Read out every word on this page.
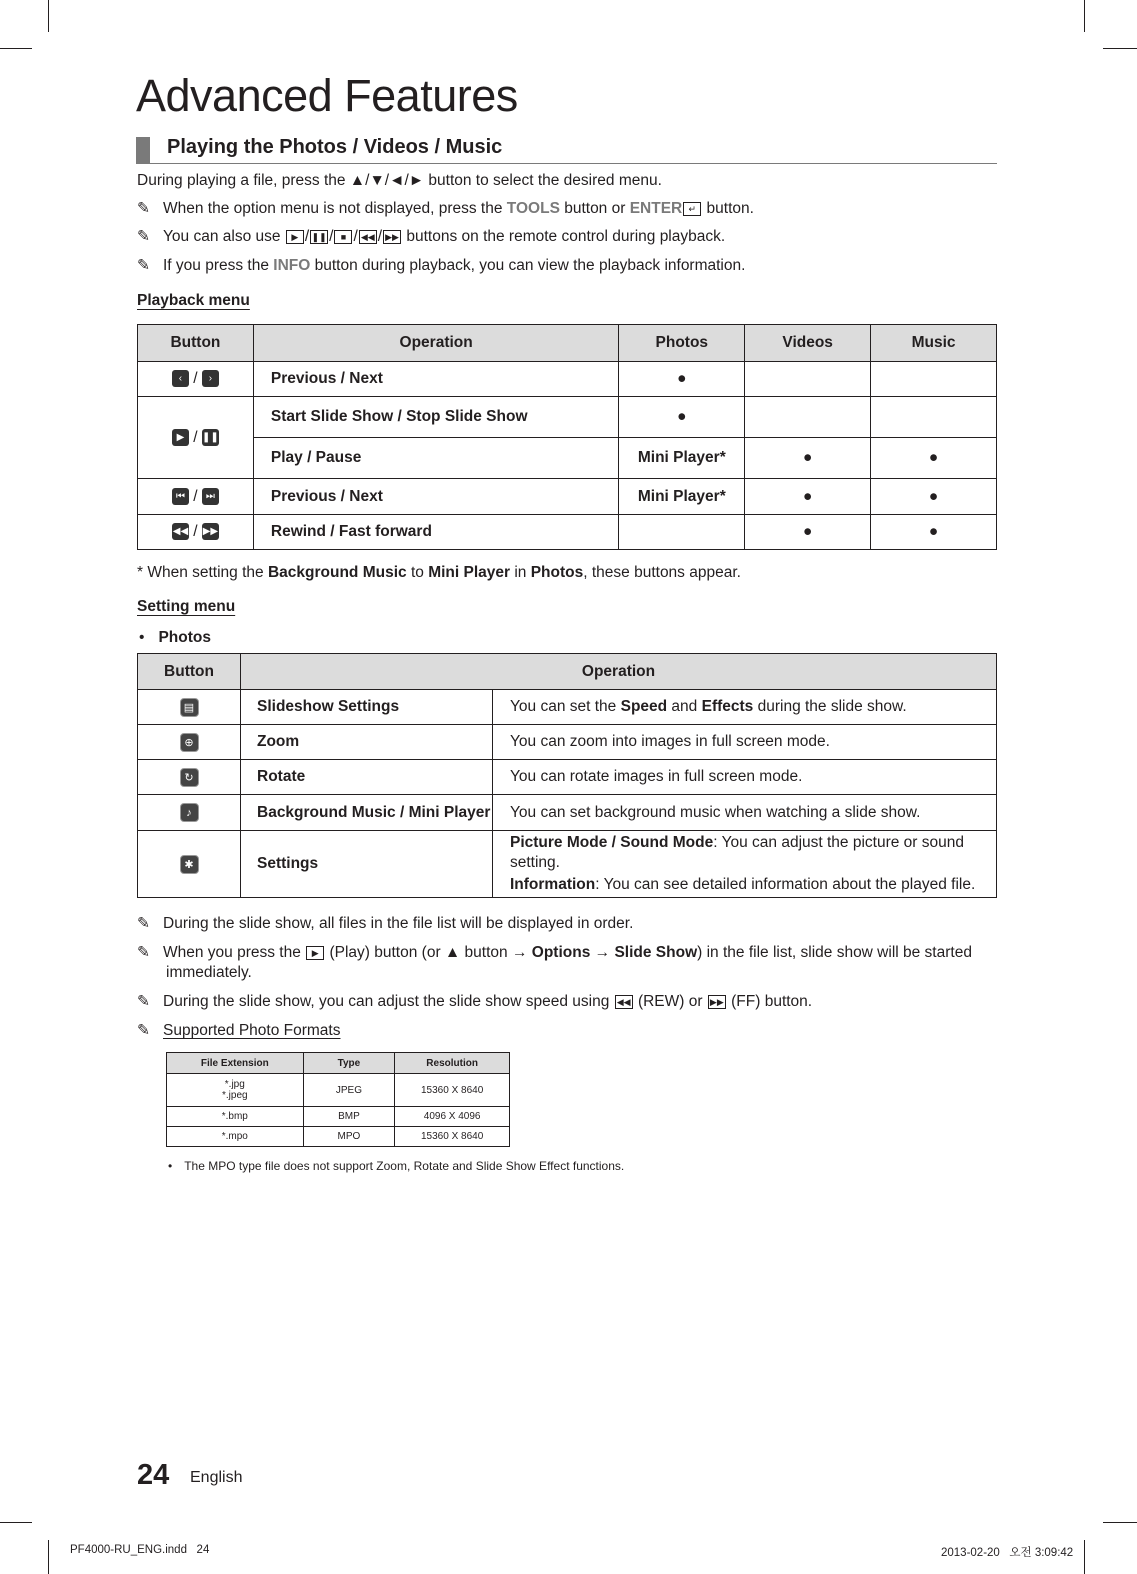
Advanced Features
Playing the Photos / Videos / Music
During playing a file, press the ▲/▼/◄/► button to select the desired menu.
✎ When the option menu is not displayed, press the TOOLS button or ENTER ↵ button.
✎ You can also use ▶ / ❚❚ / ■ / ◀◀ / ▶▶ buttons on the remote control during playback.
✎ If you press the INFO button during playback, you can view the playback information.
Playback menu
Button	Operation	Photos	Videos	Music
‹ / ›	Previous / Next	●		
▶ / ❚❚	Start Slide Show / Stop Slide Show	●		
	Play / Pause	Mini Player*	●	●
⏮ / ⏭	Previous / Next	Mini Player*	●	●
◀◀ / ▶▶	Rewind / Fast forward		●	●
* When setting the Background Music to Mini Player in Photos, these buttons appear.
Setting menu
• Photos
Button	Operation	
▤	Slideshow Settings	You can set the Speed and Effects during the slide show.
⊕	Zoom	You can zoom into images in full screen mode.
↻	Rotate	You can rotate images in full screen mode.
♪	Background Music / Mini Player	You can set background music when watching a slide show.
✱	Settings	Picture Mode / Sound Mode: You can adjust the picture or sound setting.
Information: You can see detailed information about the played file.
✎ During the slide show, all files in the file list will be displayed in order.
✎ When you press the ▶ (Play) button (or ▲ button → Options → Slide Show) in the file list, slide show will be started
immediately.
✎ During the slide show, you can adjust the slide show speed using ◀◀ (REW) or ▶▶ (FF) button.
✎ Supported Photo Formats
File Extension	Type	Resolution

*.jpg
*.jpeg	JPEG	15360 X 8640
*.bmp	BMP	4096 X 4096
*.mpo	MPO	15360 X 8640
• The MPO type file does not support Zoom, Rotate and Slide Show Effect functions.
24 English
PF4000-RU_ENG.indd   24	2013-02-20   오전 3:09:42
